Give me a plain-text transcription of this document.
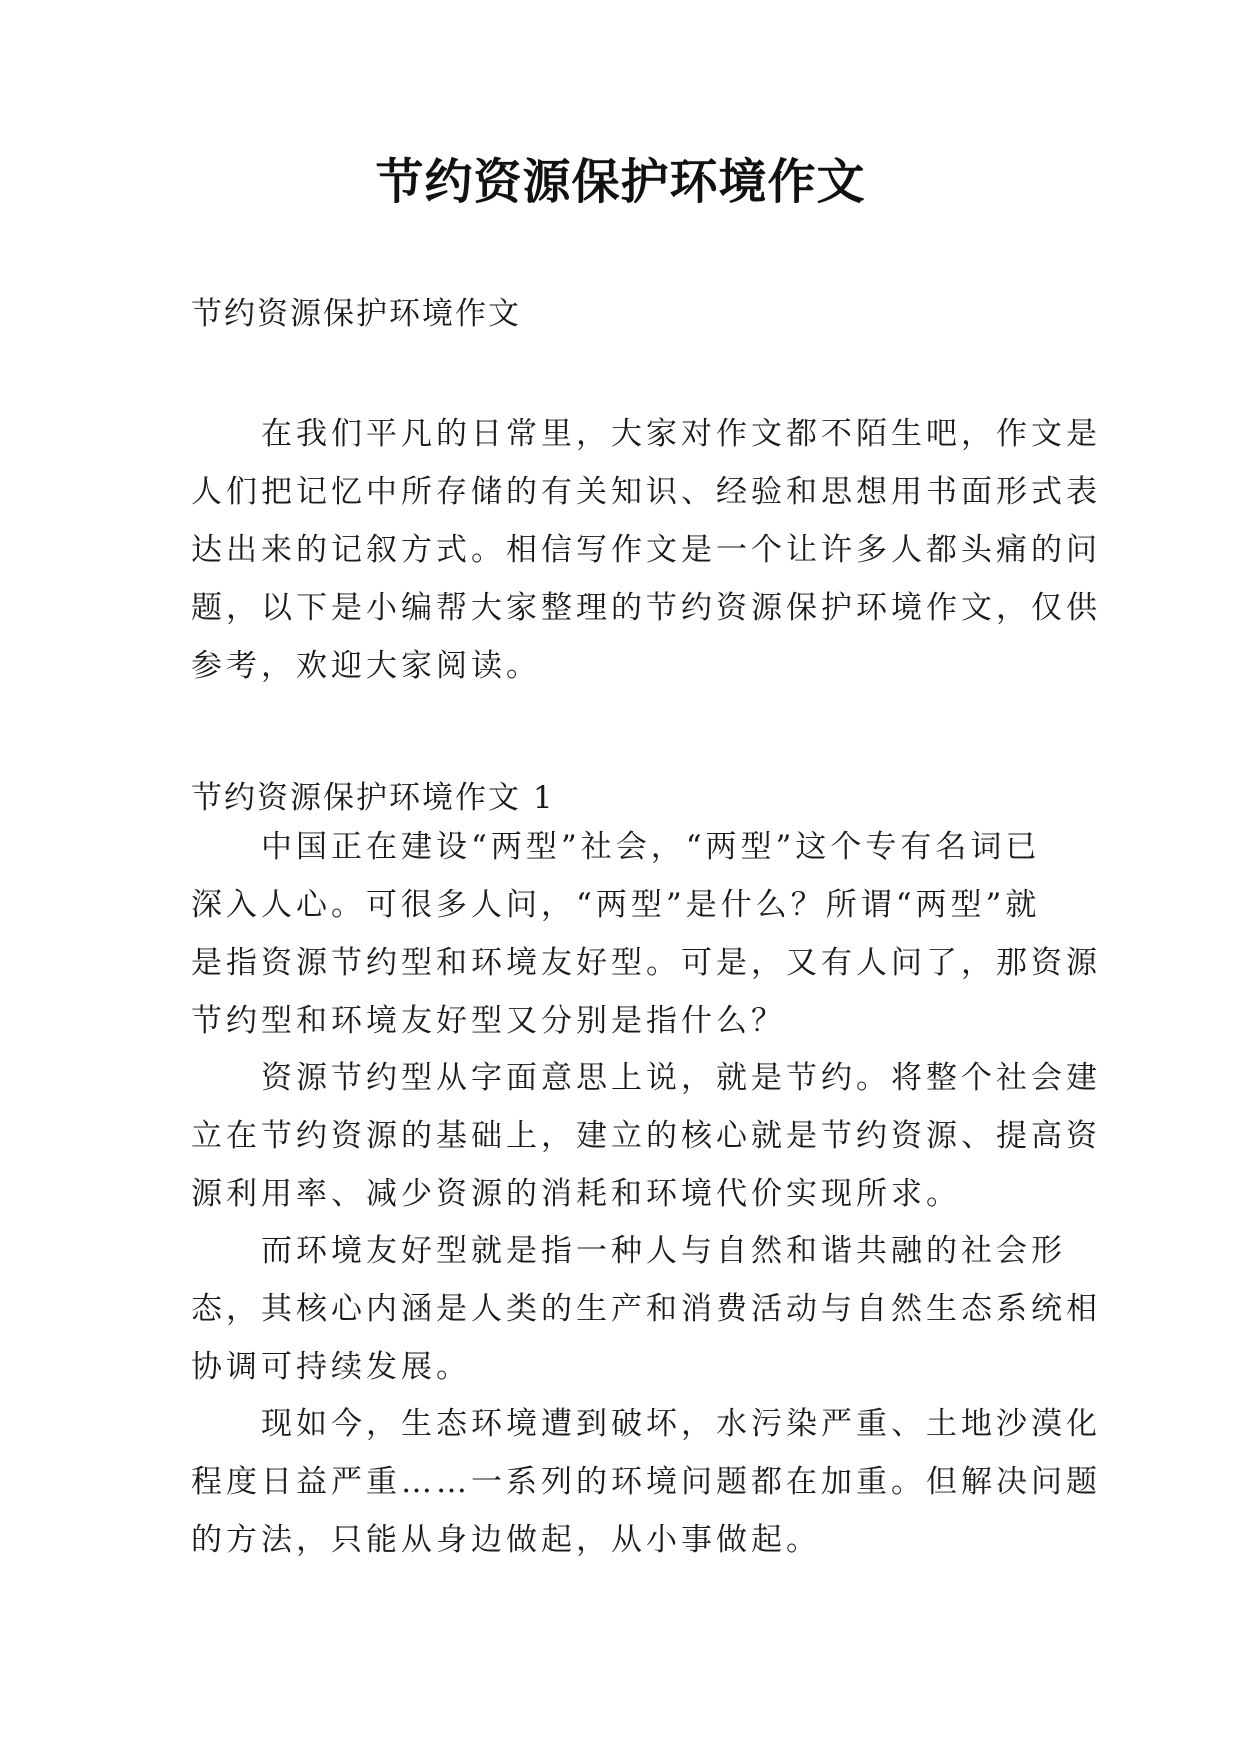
节约资源保护环境作文

节约资源保护环境作文

　　在我们平凡的日常里，大家对作文都不陌生吧，作文是
人们把记忆中所存储的有关知识、经验和思想用书面形式表
达出来的记叙方式。相信写作文是一个让许多人都头痛的问
题，以下是小编帮大家整理的节约资源保护环境作文，仅供
参考，欢迎大家阅读。

节约资源保护环境作文 1

　　中国正在建设“两型”社会，“两型”这个专有名词已
深入人心。可很多人问，“两型”是什么？所谓“两型”就
是指资源节约型和环境友好型。可是，又有人问了，那资源
节约型和环境友好型又分别是指什么？
　　资源节约型从字面意思上说，就是节约。将整个社会建
立在节约资源的基础上，建立的核心就是节约资源、提高资
源利用率、减少资源的消耗和环境代价实现所求。
　　而环境友好型就是指一种人与自然和谐共融的社会形
态，其核心内涵是人类的生产和消费活动与自然生态系统相
协调可持续发展。
　　现如今，生态环境遭到破坏，水污染严重、土地沙漠化
程度日益严重……一系列的环境问题都在加重。但解决问题
的方法，只能从身边做起，从小事做起。
